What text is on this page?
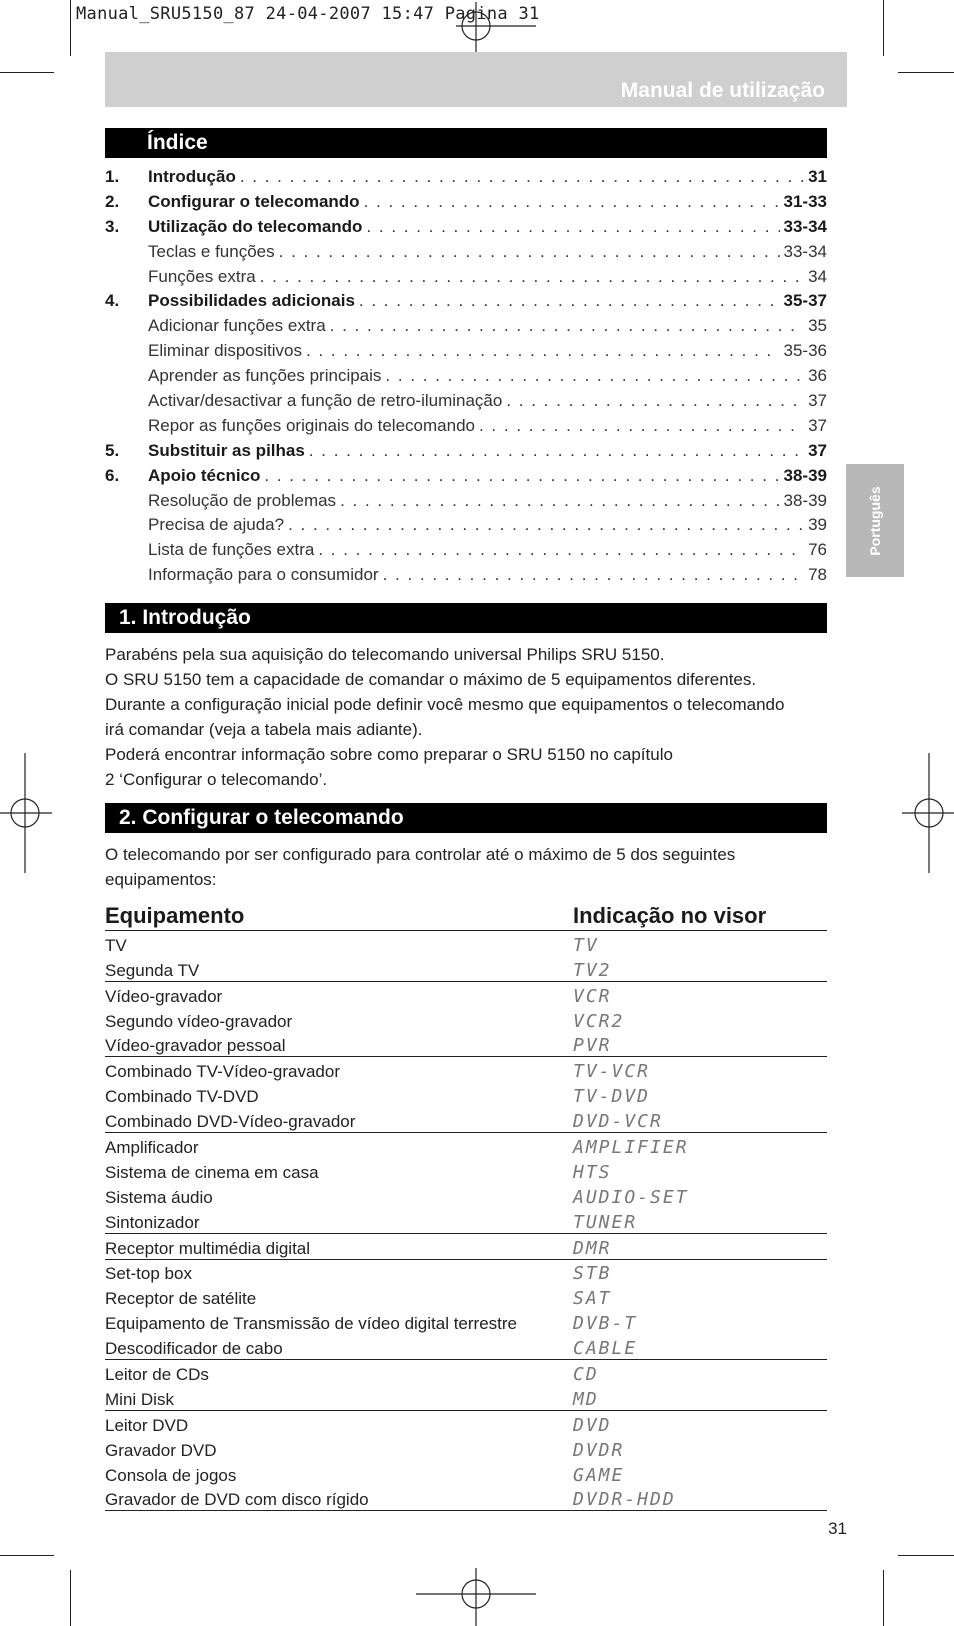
Manual_SRU5150_87 24-04-2007 15:47 Pagina 31
Manual de utilização
Português
Índice
1.	Introdução . . .	31
2.	Configurar o telecomando . . .	31-33
3.	Utilização do telecomando . . .	33-34
Teclas e funções . . .	33-34
Funções extra . . .	34
4.	Possibilidades adicionais . . .	35-37
Adicionar funções extra . . .	35
Eliminar dispositivos . . .	35-36
Aprender as funções principais . . .	36
Activar/desactivar a função de retro-iluminação . . .	37
Repor as funções originais do telecomando . . .	37
5.	Substituir as pilhas . . .	37
6.	Apoio técnico . . .	38-39
Resolução de problemas . . .	38-39
Precisa de ajuda? . . .	39
Lista de funções extra . . .	76
Informação para o consumidor . . .	78
1. Introdução
Parabéns pela sua aquisição do telecomando universal Philips SRU 5150.
O SRU 5150 tem a capacidade de comandar o máximo de 5 equipamentos diferentes.
Durante a configuração inicial pode definir você mesmo que equipamentos o telecomando
irá comandar (veja a tabela mais adiante).
Poderá encontrar informação sobre como preparar o SRU 5150 no capítulo
2 ‘Configurar o telecomando’.
2. Configurar o telecomando
O telecomando por ser configurado para controlar até o máximo de 5 dos seguintes
equipamentos:
Equipamento	Indicação no visor
TV	TV
Segunda TV	TV2
Vídeo-gravador	VCR
Segundo vídeo-gravador	VCR2
Vídeo-gravador pessoal	PVR
Combinado TV-Vídeo-gravador	TV-VCR
Combinado TV-DVD	TV-DVD
Combinado DVD-Vídeo-gravador	DVD-VCR
Amplificador	AMPLIFIER
Sistema de cinema em casa	HTS
Sistema áudio	AUDIO-SET
Sintonizador	TUNER
Receptor multimédia digital	DMR
Set-top box	STB
Receptor de satélite	SAT
Equipamento de Transmissão de vídeo digital terrestre	DVB-T
Descodificador de cabo	CABLE
Leitor de CDs	CD
Mini Disk	MD
Leitor DVD	DVD
Gravador DVD	DVDR
Consola de jogos	GAME
Gravador de DVD com disco rígido	DVDR-HDD
31
